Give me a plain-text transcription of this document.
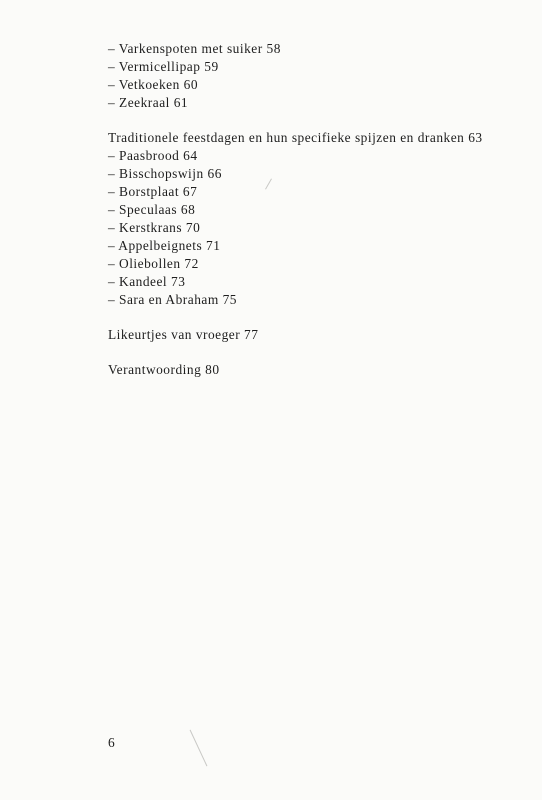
– Varkenspoten met suiker 58
– Vermicellipap 59
– Vetkoeken 60
– Zeekraal 61
Traditionele feestdagen en hun specifieke spijzen en dranken 63
– Paasbrood 64
– Bisschopswijn 66
– Borstplaat 67
– Speculaas 68
– Kerstkrans 70
– Appelbeignets 71
– Oliebollen 72
– Kandeel 73
– Sara en Abraham 75
Likeurtjes van vroeger 77
Verantwoording 80
6
